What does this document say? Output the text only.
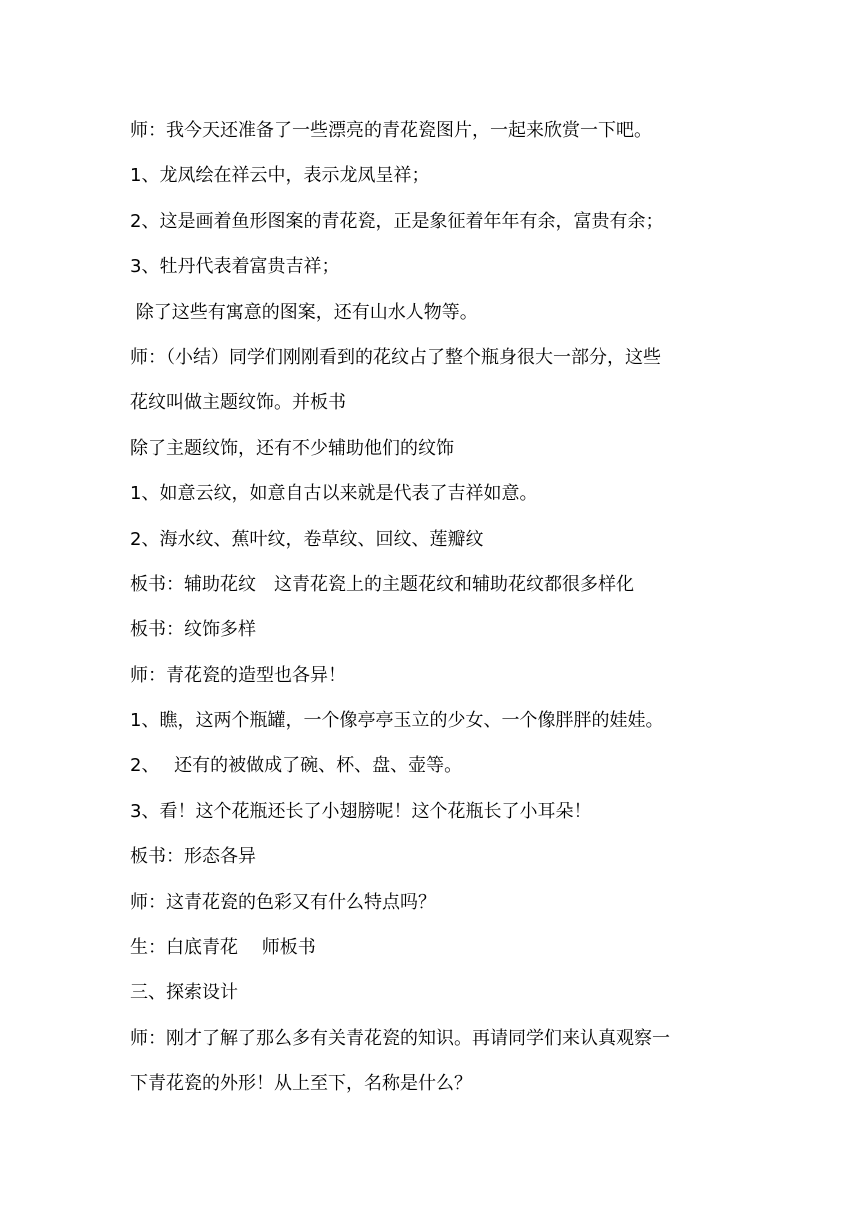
师：我今天还准备了一些漂亮的青花瓷图片，一起来欣赏一下吧。
1、龙凤绘在祥云中，表示龙凤呈祥；
2、这是画着鱼形图案的青花瓷，正是象征着年年有余，富贵有余；
3、牡丹代表着富贵吉祥；
除了这些有寓意的图案，还有山水人物等。
师：（小结）同学们刚刚看到的花纹占了整个瓶身很大一部分，这些
花纹叫做主题纹饰。并板书
除了主题纹饰，还有不少辅助他们的纹饰
1、如意云纹，如意自古以来就是代表了吉祥如意。
2、海水纹、蕉叶纹，卷草纹、回纹、莲瓣纹
板书：辅助花纹　这青花瓷上的主题花纹和辅助花纹都很多样化
板书：纹饰多样
师：青花瓷的造型也各异！
1、瞧，这两个瓶罐，一个像亭亭玉立的少女、一个像胖胖的娃娃。
2、　 还有的被做成了碗、杯、盘、壶等。
3、看！这个花瓶还长了小翅膀呢！这个花瓶长了小耳朵！
板书：形态各异
师：这青花瓷的色彩又有什么特点吗？
生：白底青花　 师板书
三、探索设计
师：刚才了解了那么多有关青花瓷的知识。再请同学们来认真观察一
下青花瓷的外形！从上至下，名称是什么？
